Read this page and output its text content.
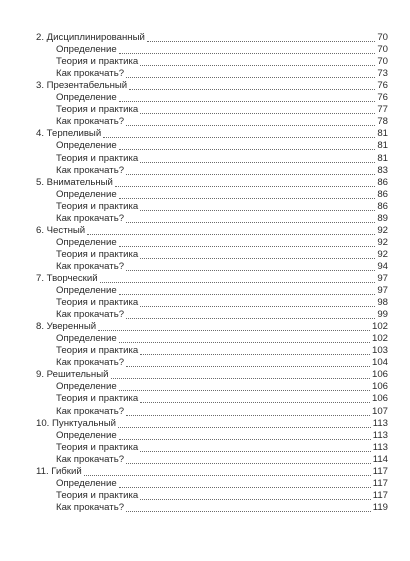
2. Дисциплинированный	70
Определение	70
Теория и практика	70
Как прокачать?	73
3. Презентабельный	76
Определение	76
Теория и практика	77
Как прокачать?	78
4. Терпеливый	81
Определение	81
Теория и практика	81
Как прокачать?	83
5. Внимательный	86
Определение	86
Теория и практика	86
Как прокачать?	89
6. Честный	92
Определение	92
Теория и практика	92
Как прокачать?	94
7. Творческий	97
Определение	97
Теория и практика	98
Как прокачать?	99
8. Уверенный	102
Определение	102
Теория и практика	103
Как прокачать?	104
9. Решительный	106
Определение	106
Теория и практика	106
Как прокачать?	107
10. Пунктуальный	113
Определение	113
Теория и практика	113
Как прокачать?	114
11. Гибкий	117
Определение	117
Теория и практика	117
Как прокачать?	119
